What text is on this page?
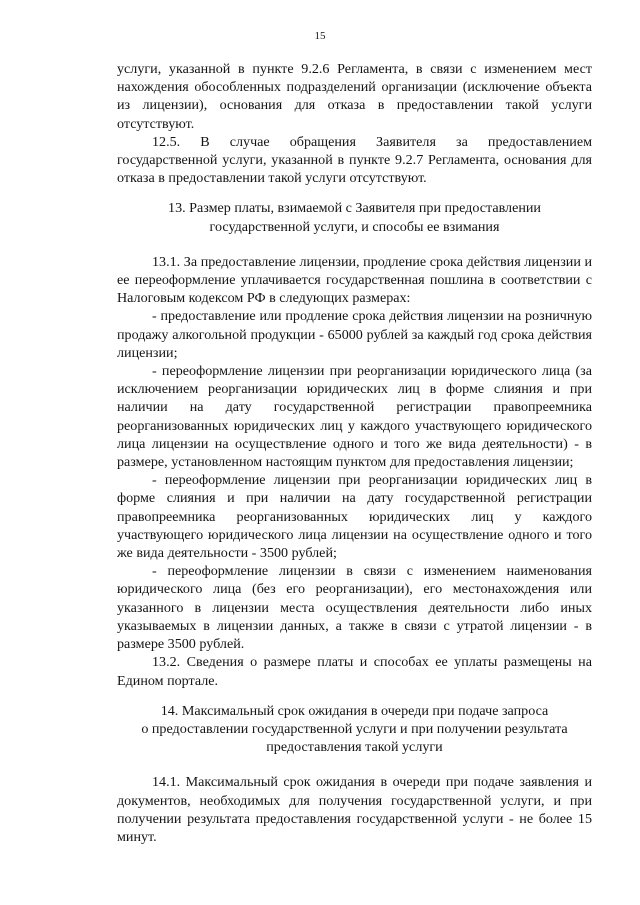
15

услуги, указанной в пункте 9.2.6 Регламента, в связи с изменением мест нахождения обособленных подразделений организации (исключение объекта из лицензии), основания для отказа в предоставлении такой услуги отсутствуют.

12.5. В случае обращения Заявителя за предоставлением государственной услуги, указанной в пункте 9.2.7 Регламента, основания для отказа в предоставлении такой услуги отсутствуют.

13. Размер платы, взимаемой с Заявителя при предоставлении

государственной услуги, и способы ее взимания

13.1. За предоставление лицензии, продление срока действия лицензии и ее переоформление уплачивается государственная пошлина в соответствии с Налоговым кодексом РФ в следующих размерах:

- предоставление или продление срока действия лицензии на розничную продажу алкогольной продукции - 65000 рублей за каждый год срока действия лицензии;

- переоформление лицензии при реорганизации юридического лица (за исключением реорганизации юридических лиц в форме слияния и при наличии на дату государственной регистрации правопреемника реорганизованных юридических лиц у каждого участвующего юридического лица лицензии на осуществление одного и того же вида деятельности) - в размере, установленном настоящим пунктом для предоставления лицензии;

- переоформление лицензии при реорганизации юридических лиц в форме слияния и при наличии на дату государственной регистрации правопреемника реорганизованных юридических лиц у каждого участвующего юридического лица лицензии на осуществление одного и того же вида деятельности - 3500 рублей;

- переоформление лицензии в связи с изменением наименования юридического лица (без его реорганизации), его местонахождения или указанного в лицензии места осуществления деятельности либо иных указываемых в лицензии данных, а также в связи с утратой лицензии - в размере 3500 рублей.

13.2. Сведения о размере платы и способах ее уплаты размещены на Едином портале.

14. Максимальный срок ожидания в очереди при подаче запроса

о предоставлении государственной услуги и при получении результата

предоставления такой услуги

14.1. Максимальный срок ожидания в очереди при подаче заявления и документов, необходимых для получения государственной услуги, и при получении результата предоставления государственной услуги - не более 15 минут.
